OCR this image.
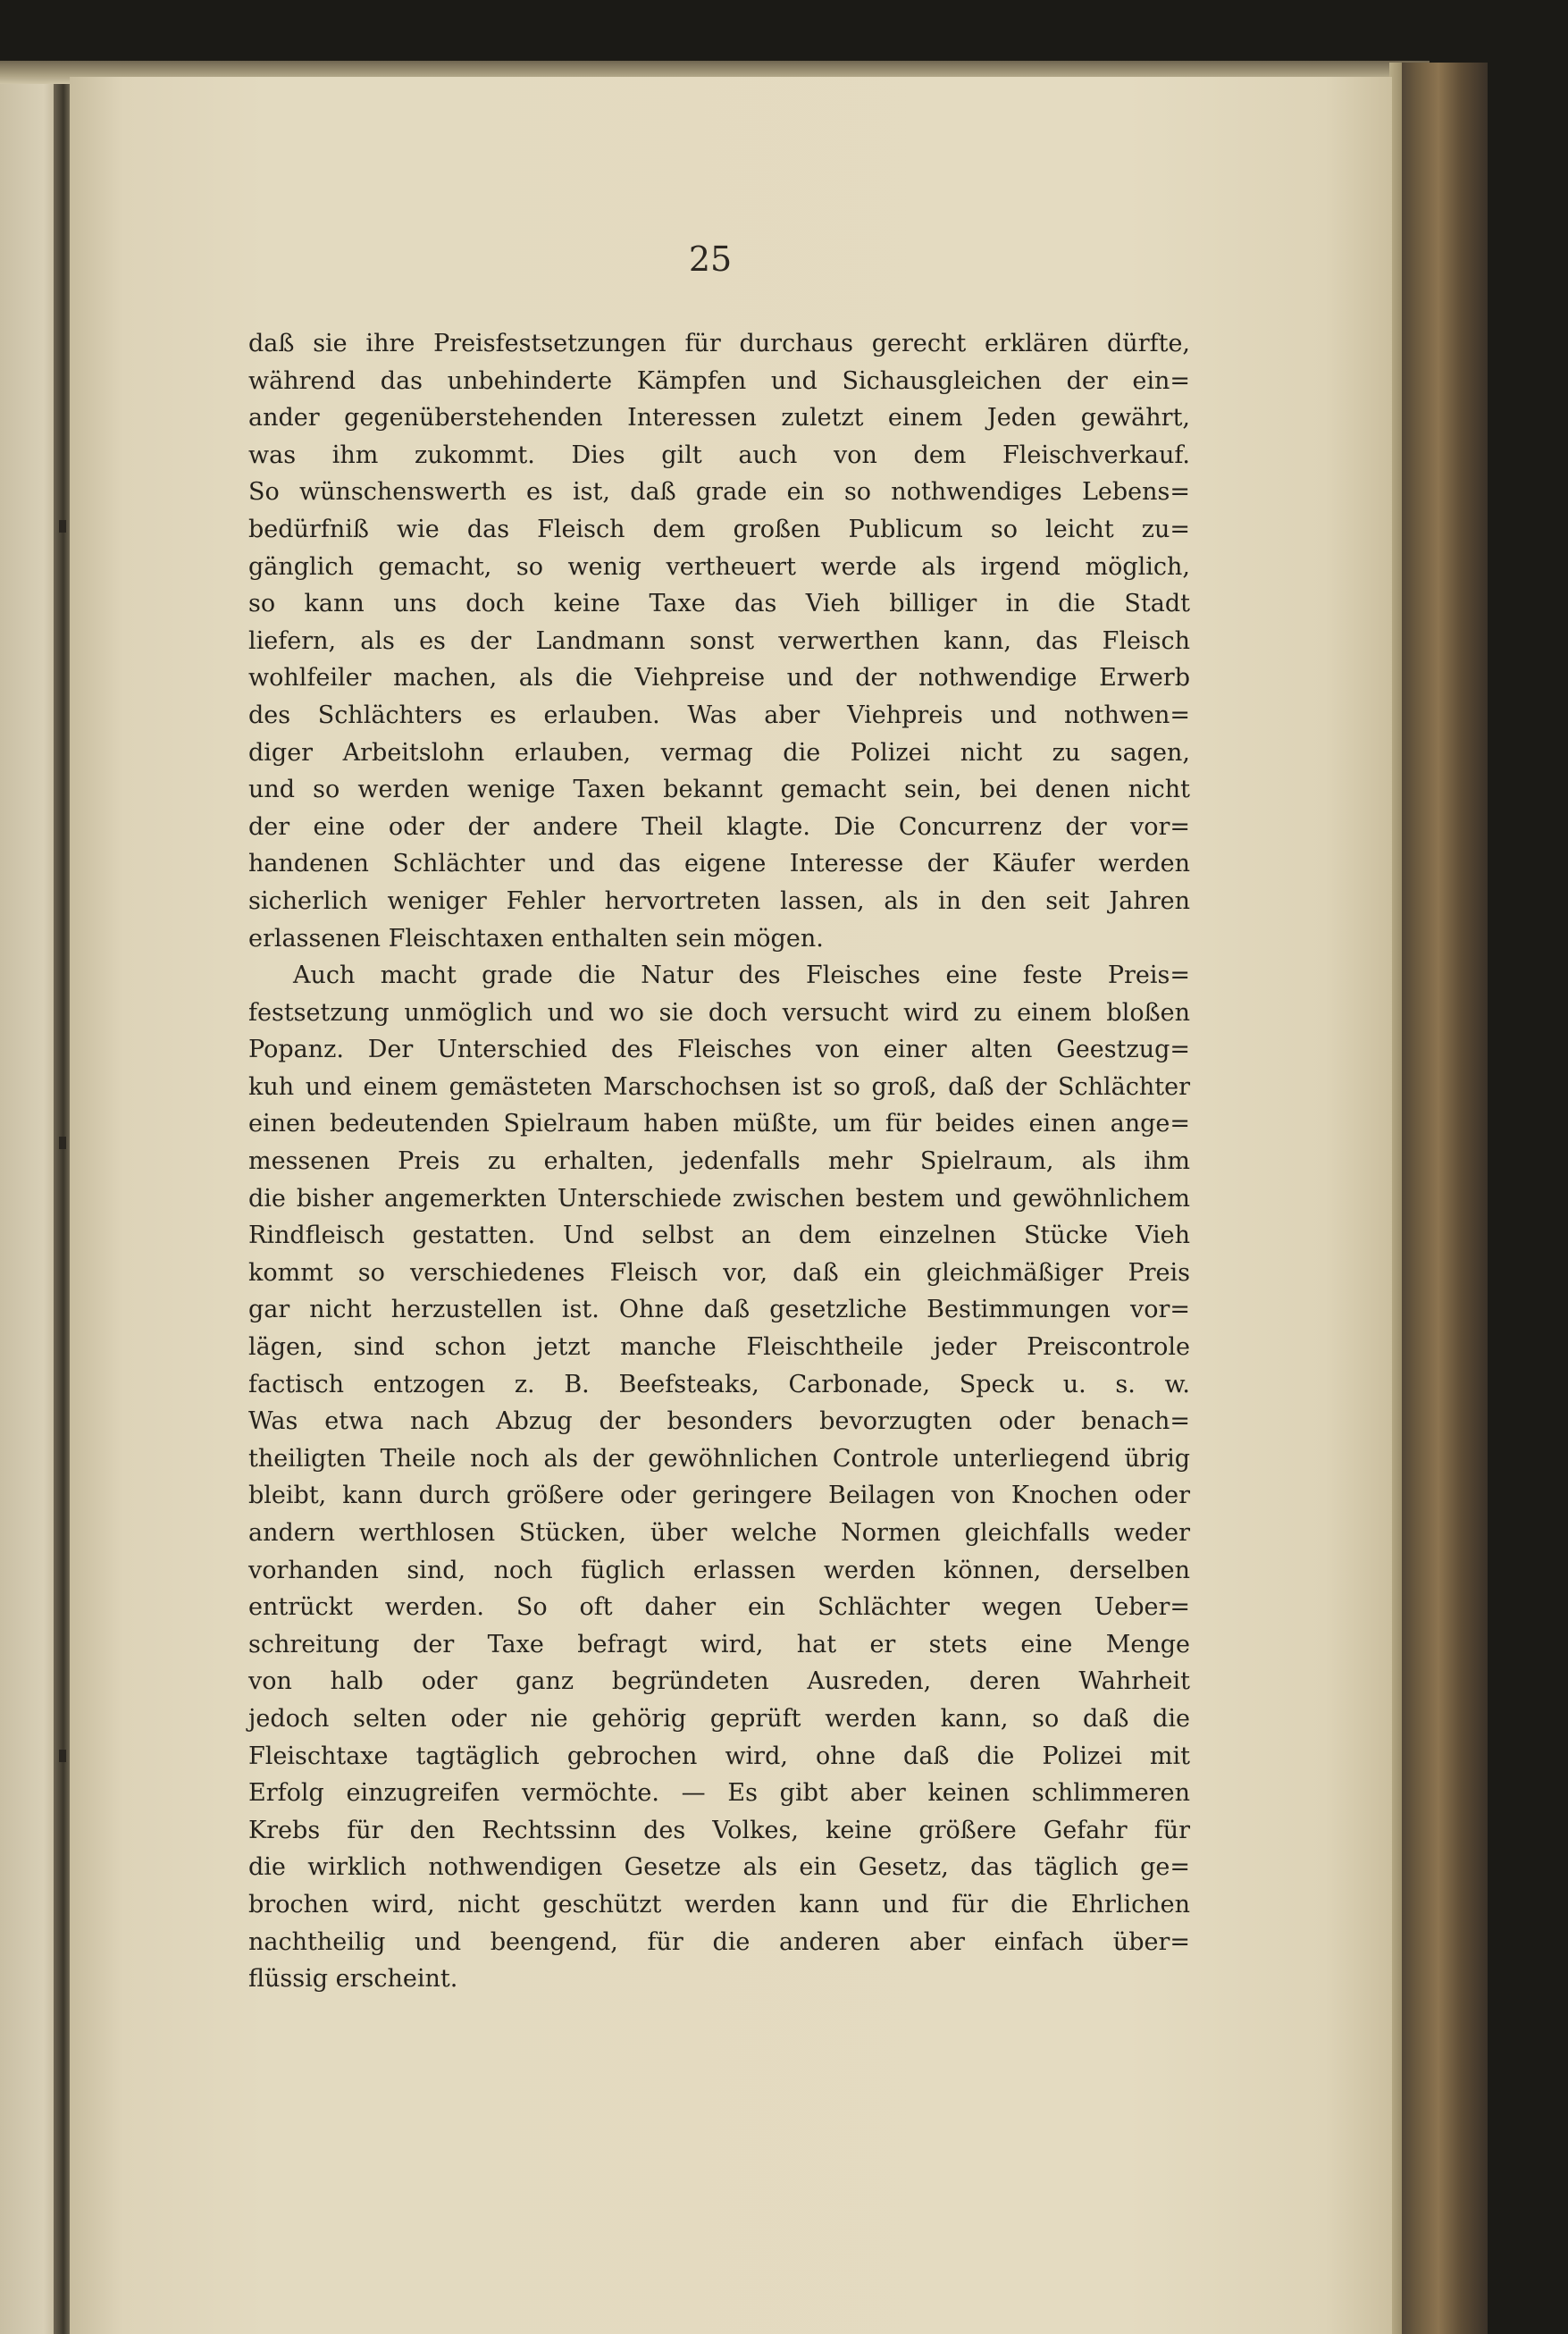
25
daß sie ihre Preisfestsetzungen für durchaus gerecht erklären dürfte,
während das unbehinderte Kämpfen und Sichausgleichen der ein=
ander gegenüberstehenden Interessen zuletzt einem Jeden gewährt,
was ihm zukommt. Dies gilt auch von dem Fleischverkauf.
So wünschenswerth es ist, daß grade ein so nothwendiges Lebens=
bedürfniß wie das Fleisch dem großen Publicum so leicht zu=
gänglich gemacht, so wenig vertheuert werde als irgend möglich,
so kann uns doch keine Taxe das Vieh billiger in die Stadt
liefern, als es der Landmann sonst verwerthen kann, das Fleisch
wohlfeiler machen, als die Viehpreise und der nothwendige Erwerb
des Schlächters es erlauben. Was aber Viehpreis und nothwen=
diger Arbeitslohn erlauben, vermag die Polizei nicht zu sagen,
und so werden wenige Taxen bekannt gemacht sein, bei denen nicht
der eine oder der andere Theil klagte. Die Concurrenz der vor=
handenen Schlächter und das eigene Interesse der Käufer werden
sicherlich weniger Fehler hervortreten lassen, als in den seit Jahren
erlassenen Fleischtaxen enthalten sein mögen.
Auch macht grade die Natur des Fleisches eine feste Preis=
festsetzung unmöglich und wo sie doch versucht wird zu einem bloßen
Popanz. Der Unterschied des Fleisches von einer alten Geestzug=
kuh und einem gemästeten Marschochsen ist so groß, daß der Schlächter
einen bedeutenden Spielraum haben müßte, um für beides einen ange=
messenen Preis zu erhalten, jedenfalls mehr Spielraum, als ihm
die bisher angemerkten Unterschiede zwischen bestem und gewöhnlichem
Rindfleisch gestatten. Und selbst an dem einzelnen Stücke Vieh
kommt so verschiedenes Fleisch vor, daß ein gleichmäßiger Preis
gar nicht herzustellen ist. Ohne daß gesetzliche Bestimmungen vor=
lägen, sind schon jetzt manche Fleischtheile jeder Preiscontrole
factisch entzogen z. B. Beefsteaks, Carbonade, Speck u. s. w.
Was etwa nach Abzug der besonders bevorzugten oder benach=
theiligten Theile noch als der gewöhnlichen Controle unterliegend übrig
bleibt, kann durch größere oder geringere Beilagen von Knochen oder
andern werthlosen Stücken, über welche Normen gleichfalls weder
vorhanden sind, noch füglich erlassen werden können, derselben
entrückt werden. So oft daher ein Schlächter wegen Ueber=
schreitung der Taxe befragt wird, hat er stets eine Menge
von halb oder ganz begründeten Ausreden, deren Wahrheit
jedoch selten oder nie gehörig geprüft werden kann, so daß die
Fleischtaxe tagtäglich gebrochen wird, ohne daß die Polizei mit
Erfolg einzugreifen vermöchte. — Es gibt aber keinen schlimmeren
Krebs für den Rechtssinn des Volkes, keine größere Gefahr für
die wirklich nothwendigen Gesetze als ein Gesetz, das täglich ge=
brochen wird, nicht geschützt werden kann und für die Ehrlichen
nachtheilig und beengend, für die anderen aber einfach über=
flüssig erscheint.
